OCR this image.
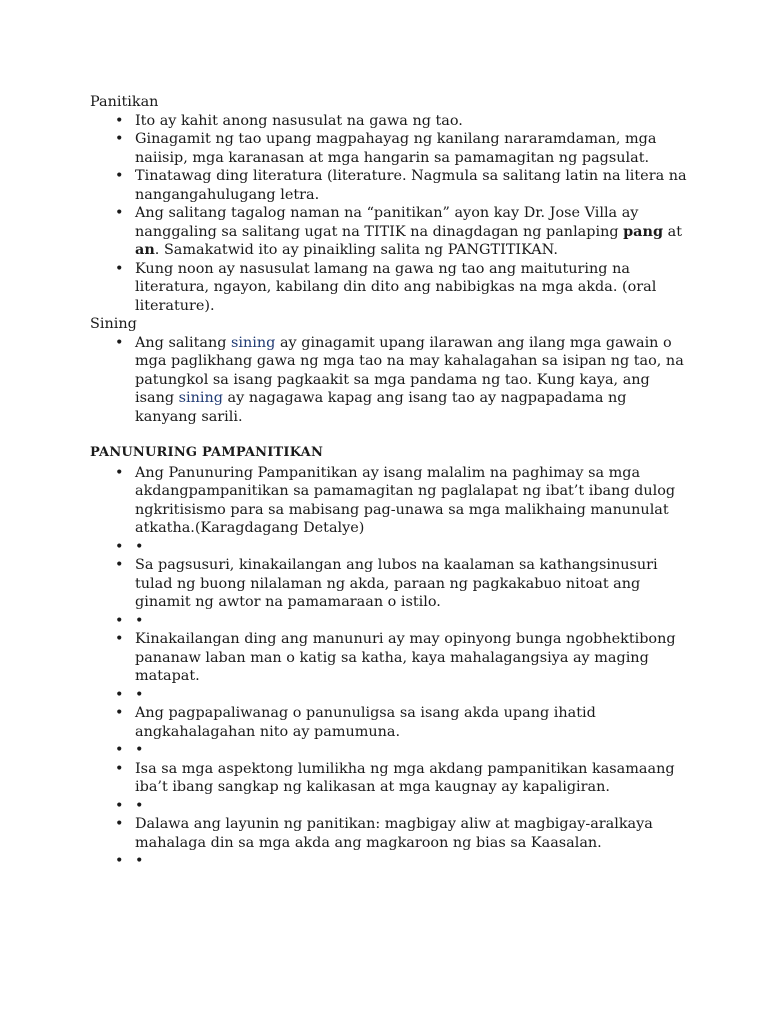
Panitikan

• Ito ay kahit anong nasusulat na gawa ng tao.
• Ginagamit ng tao upang magpahayag ng kanilang nararamdaman, mga naiisip, mga karanasan at mga hangarin sa pamamagitan ng pagsulat.
• Tinatawag ding literatura (literature. Nagmula sa salitang latin na litera na nangangahulugang letra.
• Ang salitang tagalog naman na “panitikan” ayon kay Dr. Jose Villa ay nanggaling sa salitang ugat na TITIK na dinagdagan ng panlaping pang at an. Samakatwid ito ay pinaikling salita ng PANGTITIKAN.
• Kung noon ay nasusulat lamang na gawa ng tao ang maituturing na literatura, ngayon, kabilang din dito ang nabibigkas na mga akda. (oral literature).

Sining

• Ang salitang sining ay ginagamit upang ilarawan ang ilang mga gawain o mga paglikhang gawa ng mga tao na may kahalagahan sa isipan ng tao, na patungkol sa isang pagkaakit sa mga pandama ng tao. Kung kaya, ang isang sining ay nagagawa kapag ang isang tao ay nagpapadama ng kanyang sarili.

PANUNURING PAMPANITIKAN

• Ang Panunuring Pampanitikan ay isang malalim na paghimay sa mga akdangpampanitikan sa pamamagitan ng paglalapat ng ibat’t ibang dulog ngkritisismo para sa mabisang pag-unawa sa mga malikhaing manunulat atkatha.(Karagdagang Detalye)
• •
• Sa pagsusuri, kinakailangan ang lubos na kaalaman sa kathangsinusuri tulad ng buong nilalaman ng akda, paraan ng pagkakabuo nitoat ang ginamit ng awtor na pamamaraan o istilo.
• •
• Kinakailangan ding ang manunuri ay may opinyong bunga ngobhektibong pananaw laban man o katig sa katha, kaya mahalagangsiya ay maging matapat.
• •
• Ang pagpapaliwanag o panunuligsa sa isang akda upang ihatid angkahalagahan nito ay pamumuna.
• •
• Isa sa mga aspektong lumilikha ng mga akdang pampanitikan kasamaang iba’t ibang sangkap ng kalikasan at mga kaugnay ay kapaligiran.
• •
• Dalawa ang layunin ng panitikan: magbigay aliw at magbigay-aralkaya mahalaga din sa mga akda ang magkaroon ng bias sa Kaasalan.
• •
